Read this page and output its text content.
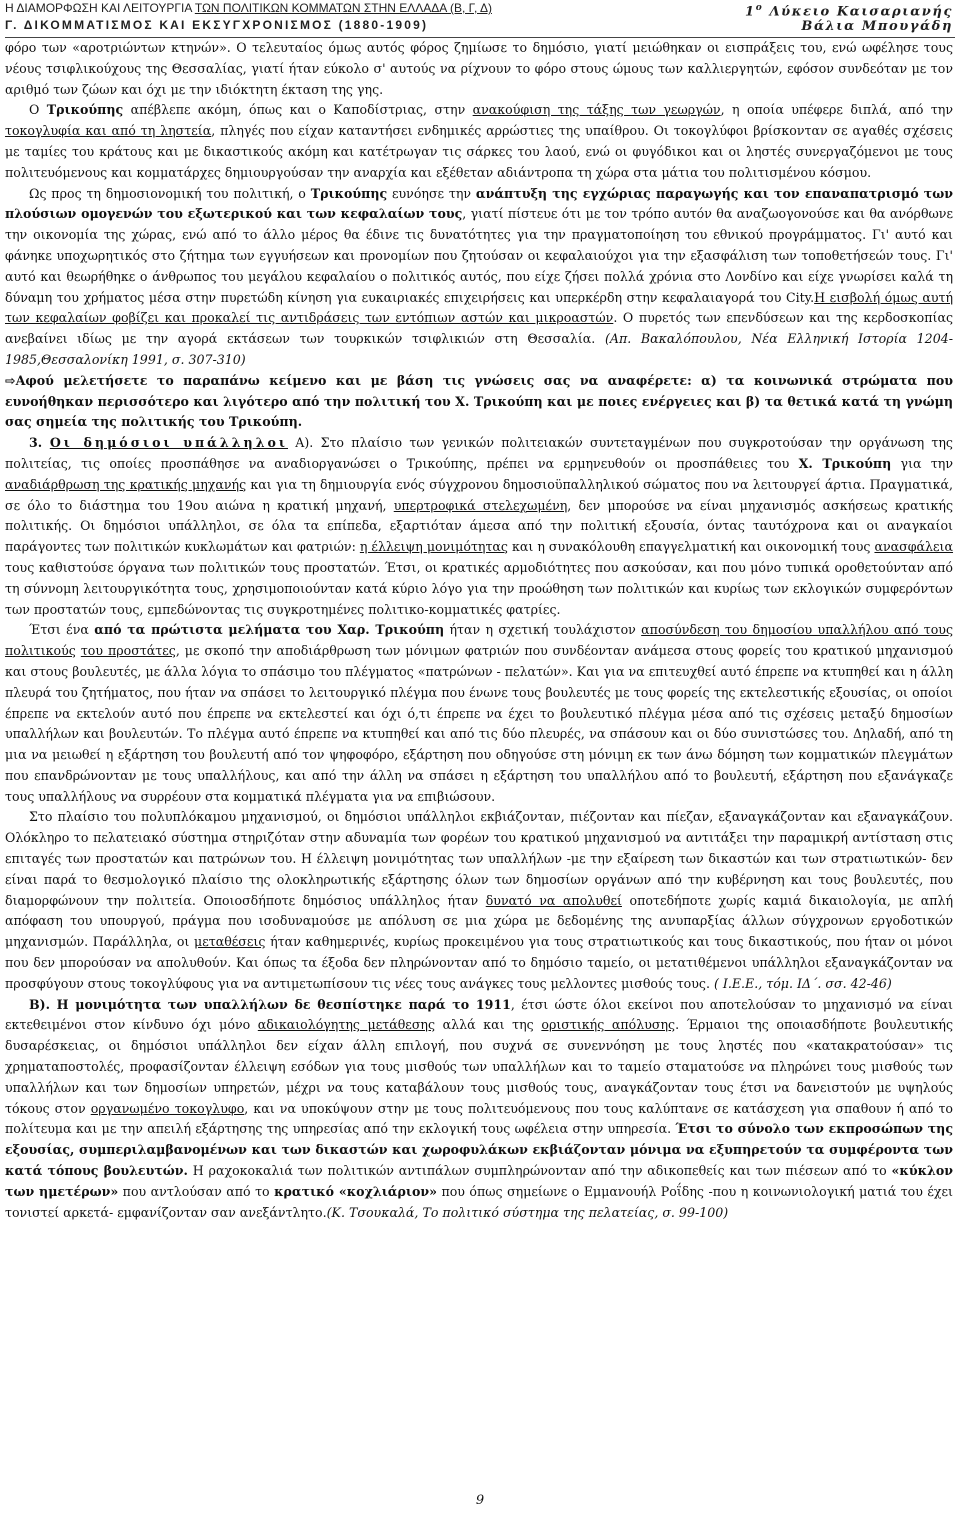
Η ΔΙΑΜΟΡΦΩΣΗ ΚΑΙ ΛΕΙΤΟΥΡΓΙΑ ΤΩΝ ΠΟΛΙΤΙΚΩΝ ΚΟΜΜΑΤΩΝ ΣΤΗΝ ΕΛΛΑΔΑ (Β, Γ, Δ)
Γ. ΔΙΚΟΜΜΑΤΙΣΜΟΣ ΚΑΙ ΕΚΣΥΓΧΡΟΝΙΣΜΟΣ (1880-1909)
$1^o$ Λύκειο Καισαριανής
Βάλια Μπουγάδη

φόρο των «αροτριώντων κτηνών». Ο τελευταίος όμως αυτός φόρος ζημίωσε το δημόσιο, γιατί μειώθηκαν οι εισπράξεις του, ενώ ωφέλησε τους νέους τσιφλικούχους της Θεσσαλίας, γιατί ήταν εύκολο σ' αυτούς να ρίχνουν το φόρο στους ώμους των καλλιεργητών, εφόσον συνδεόταν με τον αριθμό των ζώων και όχι με την ιδιόκτητη έκταση της γης.

Ο Τρικούπης απέβλεπε ακόμη, όπως και ο Καποδίστριας, στην ανακούφιση της τάξης των γεωργών, η οποία υπέφερε διπλά, από την τοκογλυφία και από τη ληστεία, πληγές που είχαν καταντήσει ενδημικές αρρώστιες της υπαίθρου. Οι τοκογλύφοι βρίσκονταν σε αγαθές σχέσεις με ταμίες του κράτους και με δικαστικούς ακόμη και κατέτρωγαν τις σάρκες του λαού, ενώ οι φυγόδικοι και οι ληστές συνεργαζόμενοι με τους πολιτευόμενους και κομματάρχες δημιουργούσαν την αναρχία και εξέθεταν αδιάντροπα τη χώρα στα μάτια του πολιτισμένου κόσμου.

Ως προς τη δημοσιονομική του πολιτική, ο Τρικούπης ευνόησε την ανάπτυξη της εγχώριας παραγωγής και τον επαναπατρισμό των πλούσιων ομογενών του εξωτερικού και των κεφαλαίων τους, γιατί πίστευε ότι με τον τρόπο αυτόν θα αναζωογονούσε και θα ανόρθωνε την οικονομία της χώρας, ενώ από το άλλο μέρος θα έδινε τις δυνατότητες για την πραγματοποίηση του εθνικού προγράμματος. Γι' αυτό και φάνηκε υποχωρητικός στο ζήτημα των εγγυήσεων και προνομίων που ζητούσαν οι κεφαλαιούχοι για την εξασφάλιση των τοποθετήσεών τους. Γι' αυτό και θεωρήθηκε ο άνθρωπος του μεγάλου κεφαλαίου ο πολιτικός αυτός, που είχε ζήσει πολλά χρόνια στο Λονδίνο και είχε γνωρίσει καλά τη δύναμη του χρήματος μέσα στην πυρετώδη κίνηση για ευκαιριακές επιχειρήσεις και υπερκέρδη στην κεφαλαιαγορά του City.Η εισβολή όμως αυτή των κεφαλαίων φοβίζει και προκαλεί τις αντιδράσεις των εντόπιων αστών και μικροαστών. Ο πυρετός των επενδύσεων και της κερδοσκοπίας ανεβαίνει ιδίως με την αγορά εκτάσεων των τουρκικών τσιφλικιών στη Θεσσαλία. (Απ. Βακαλόπουλου, Νέα Ελληνική Ιστορία 1204-1985,Θεσσαλονίκη 1991, σ. 307-310)

⇨Αφού μελετήσετε το παραπάνω κείμενο και με βάση τις γνώσεις σας να αναφέρετε: α) τα κοινωνικά στρώματα που ευνοήθηκαν περισσότερο και λιγότερο από την πολιτική του Χ. Τρικούπη και με ποιες ενέργειες και β) τα θετικά κατά τη γνώμη σας σημεία της πολιτικής του Τρικούπη.

3. Οι δημόσιοι υπάλληλοι Α). Στο πλαίσιο των γενικών πολιτειακών συντεταγμένων που συγκροτούσαν την οργάνωση της πολιτείας, τις οποίες προσπάθησε να αναδιοργανώσει ο Τρικούπης, πρέπει να ερμηνευθούν οι προσπάθειες του Χ. Τρικούπη για την αναδιάρθρωση της κρατικής μηχανής και για τη δημιουργία ενός σύγχρονου δημοσιοϋπαλληλικού σώματος που να λειτουργεί άρτια. Πραγματικά, σε όλο το διάστημα του 19ου αιώνα η κρατική μηχανή, υπερτροφικά στελεχωμένη, δεν μπορούσε να είναι μηχανισμός ασκήσεως κρατικής πολιτικής. Οι δημόσιοι υπάλληλοι, σε όλα τα επίπεδα, εξαρτιόταν άμεσα από την πολιτική εξουσία, όντας ταυτόχρονα και οι αναγκαίοι παράγοντες των πολιτικών κυκλωμάτων και φατριών: η έλλειψη μονιμότητας και η συνακόλουθη επαγγελματική και οικονομική τους ανασφάλεια τους καθιστούσε όργανα των πολιτικών τους προστατών. Έτσι, οι κρατικές αρμοδιότητες που ασκούσαν, και που μόνο τυπικά οροθετούνταν από τη σύννομη λειτουργικότητα τους, χρησιμοποιούνταν κατά κύριο λόγο για την προώθηση των πολιτικών και κυρίως των εκλογικών συμφερόντων των προστατών τους, εμπεδώνοντας τις συγκροτημένες πολιτικο-κομματικές φατρίες.

Έτσι ένα από τα πρώτιστα μελήματα του Χαρ. Τρικούπη ήταν η σχετική τουλάχιστον αποσύνδεση του δημοσίου υπαλλήλου από τους πολιτικούς του προστάτες, με σκοπό την αποδιάρθρωση των μόνιμων φατριών που συνδέονταν ανάμεσα στους φορείς του κρατικού μηχανισμού και στους βουλευτές, με άλλα λόγια το σπάσιμο του πλέγματος «πατρώνων - πελατών». Και για να επιτευχθεί αυτό έπρεπε να κτυπηθεί και η άλλη πλευρά του ζητήματος, που ήταν να σπάσει το λειτουργικό πλέγμα που ένωνε τους βουλευτές με τους φορείς της εκτελεστικής εξουσίας, οι οποίοι έπρεπε να εκτελούν αυτό που έπρεπε να εκτελεστεί και όχι ό,τι έπρεπε να έχει το βουλευτικό πλέγμα μέσα από τις σχέσεις μεταξύ δημοσίων υπαλλήλων και βουλευτών. Το πλέγμα αυτό έπρεπε να κτυπηθεί και από τις δύο πλευρές, να σπάσουν και οι δύο συνιστώσες του. Δηλαδή, από τη μια να μειωθεί η εξάρτηση του βουλευτή από τον ψηφοφόρο, εξάρτηση που οδηγούσε στη μόνιμη εκ των άνω δόμηση των κομματικών πλεγμάτων που επανδρώνονταν με τους υπαλλήλους, και από την άλλη να σπάσει η εξάρτηση του υπαλλήλου από το βουλευτή, εξάρτηση που εξανάγκαζε τους υπαλλήλους να συρρέουν στα κομματικά πλέγματα για να επιβιώσουν.

Στο πλαίσιο του πολυπλόκαμου μηχανισμού, οι δημόσιοι υπάλληλοι εκβιάζονταν, πιέζονταν και πίεζαν, εξαναγκάζονταν και εξαναγκάζουν. Ολόκληρο το πελατειακό σύστημα στηριζόταν στην αδυναμία των φορέων του κρατικού μηχανισμού να αντιτάξει την παραμικρή αντίσταση στις επιταγές των προστατών και πατρώνων του. Η έλλειψη μονιμότητας των υπαλλήλων -με την εξαίρεση των δικαστών και των στρατιωτικών- δεν είναι παρά το θεσμολογικό πλαίσιο της ολοκληρωτικής εξάρτησης όλων των δημοσίων οργάνων από την κυβέρνηση και τους βουλευτές, που διαμορφώνουν την πολιτεία. Οποιοσδήποτε δημόσιος υπάλληλος ήταν δυνατό να απολυθεί οποτεδήποτε χωρίς καμιά δικαιολογία, με απλή απόφαση του υπουργού, πράγμα που ισοδυναμούσε με απόλυση σε μια χώρα με δεδομένης της ανυπαρξίας άλλων σύγχρονων εργοδοτικών μηχανισμών. Παράλληλα, οι μεταθέσεις ήταν καθημερινές, κυρίως προκειμένου για τους στρατιωτικούς και τους δικαστικούς, που ήταν οι μόνοι που δεν μπορούσαν να απολυθούν. Και όπως τα έξοδα δεν πληρώνονταν από το δημόσιο ταμείο, οι μετατιθέμενοι υπάλληλοι εξαναγκάζονταν να προσφύγουν στους τοκογλύφους για να αντιμετωπίσουν τις νέες τους ανάγκες τους μελλοντες μισθούς τους. ( Ι.Ε.Ε., τόμ. ΙΔ΄. σσ. 42-46)

Β). Η μονιμότητα των υπαλλήλων δε θεσπίστηκε παρά το 1911, έτσι ώστε όλοι εκείνοι που αποτελούσαν το μηχανισμό να είναι εκτεθειμένοι στον κίνδυνο όχι μόνο αδικαιολόγητης μετάθεσης αλλά και της οριστικής απόλυσης. Έρμαιοι της οποιασδήποτε βουλευτικής δυσαρέσκειας, οι δημόσιοι υπάλληλοι δεν είχαν άλλη επιλογή, που συχνά σε συνεννόηση με τους ληστές που «κατακρατούσαν» τις χρηματαποστολές, προφασίζονταν έλλειψη εσόδων για τους μισθούς των υπαλλήλων και το ταμείο σταματούσε να πληρώνει τους μισθούς των υπαλλήλων και των δημοσίων υπηρετών, μέχρι να τους καταβάλουν τους μισθούς τους, αναγκάζονταν τους έτσι να δανειστούν με υψηλούς τόκους στον οργανωμένο τοκογλυφο, και να υποκύψουν στην με τους πολιτευόμενους που τους καλύπτανε σε κατάσχεση για σπαθουν ή από το πολίτευμα και με την απειλή εξάρτησης της υπηρεσίας από την εκλογική τους ωφέλεια στην υπηρεσία. Έτσι το σύνολο των εκπροσώπων της εξουσίας, συμπεριλαμβανομένων και των δικαστών και χωροφυλάκων εκβιάζονταν μόνιμα να εξυπηρετούν τα συμφέροντα των κατά τόπους βουλευτών. Η ραχοκοκαλιά των πολιτικών αντιπάλων συμπληρώνονταν από την αδικοπεθείς και των πιέσεων από το «κύκλον των ημετέρων» που αντλούσαν από το κρατικό «κοχλιάριον» που όπως σημείωνε ο Εμμανουήλ Ροΐδης -που η κοινωνιολογική ματιά του έχει τονιστεί αρκετά- εμφανίζονταν σαν ανεξάντλητο.(Κ. Τσουκαλά, Το πολιτικό σύστημα της πελατείας, σ. 99-100)

9
